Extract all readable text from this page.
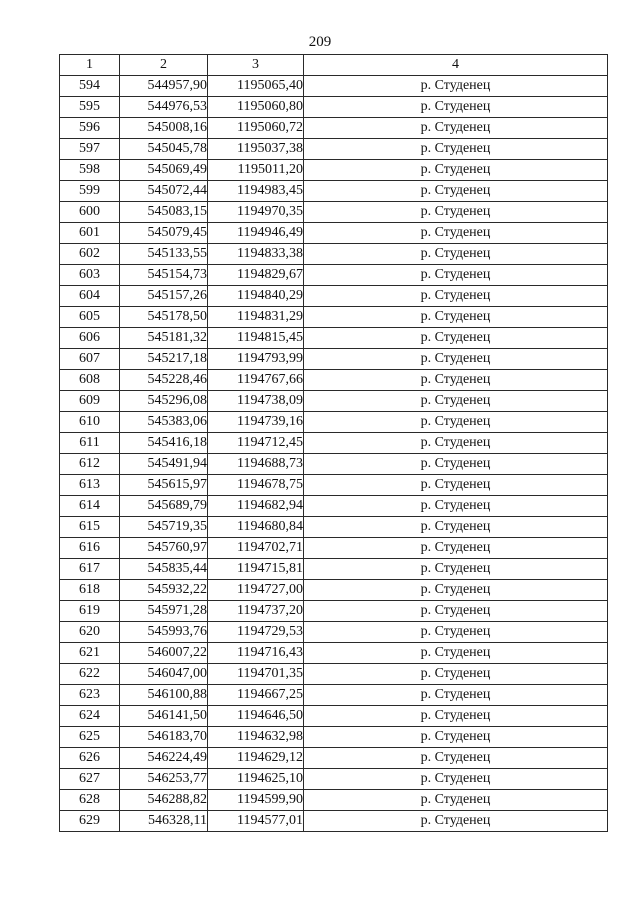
209
1	2	3	4
594	544957,90	1195065,40	р. Студенец
595	544976,53	1195060,80	р. Студенец
596	545008,16	1195060,72	р. Студенец
597	545045,78	1195037,38	р. Студенец
598	545069,49	1195011,20	р. Студенец
599	545072,44	1194983,45	р. Студенец
600	545083,15	1194970,35	р. Студенец
601	545079,45	1194946,49	р. Студенец
602	545133,55	1194833,38	р. Студенец
603	545154,73	1194829,67	р. Студенец
604	545157,26	1194840,29	р. Студенец
605	545178,50	1194831,29	р. Студенец
606	545181,32	1194815,45	р. Студенец
607	545217,18	1194793,99	р. Студенец
608	545228,46	1194767,66	р. Студенец
609	545296,08	1194738,09	р. Студенец
610	545383,06	1194739,16	р. Студенец
611	545416,18	1194712,45	р. Студенец
612	545491,94	1194688,73	р. Студенец
613	545615,97	1194678,75	р. Студенец
614	545689,79	1194682,94	р. Студенец
615	545719,35	1194680,84	р. Студенец
616	545760,97	1194702,71	р. Студенец
617	545835,44	1194715,81	р. Студенец
618	545932,22	1194727,00	р. Студенец
619	545971,28	1194737,20	р. Студенец
620	545993,76	1194729,53	р. Студенец
621	546007,22	1194716,43	р. Студенец
622	546047,00	1194701,35	р. Студенец
623	546100,88	1194667,25	р. Студенец
624	546141,50	1194646,50	р. Студенец
625	546183,70	1194632,98	р. Студенец
626	546224,49	1194629,12	р. Студенец
627	546253,77	1194625,10	р. Студенец
628	546288,82	1194599,90	р. Студенец
629	546328,11	1194577,01	р. Студенец
